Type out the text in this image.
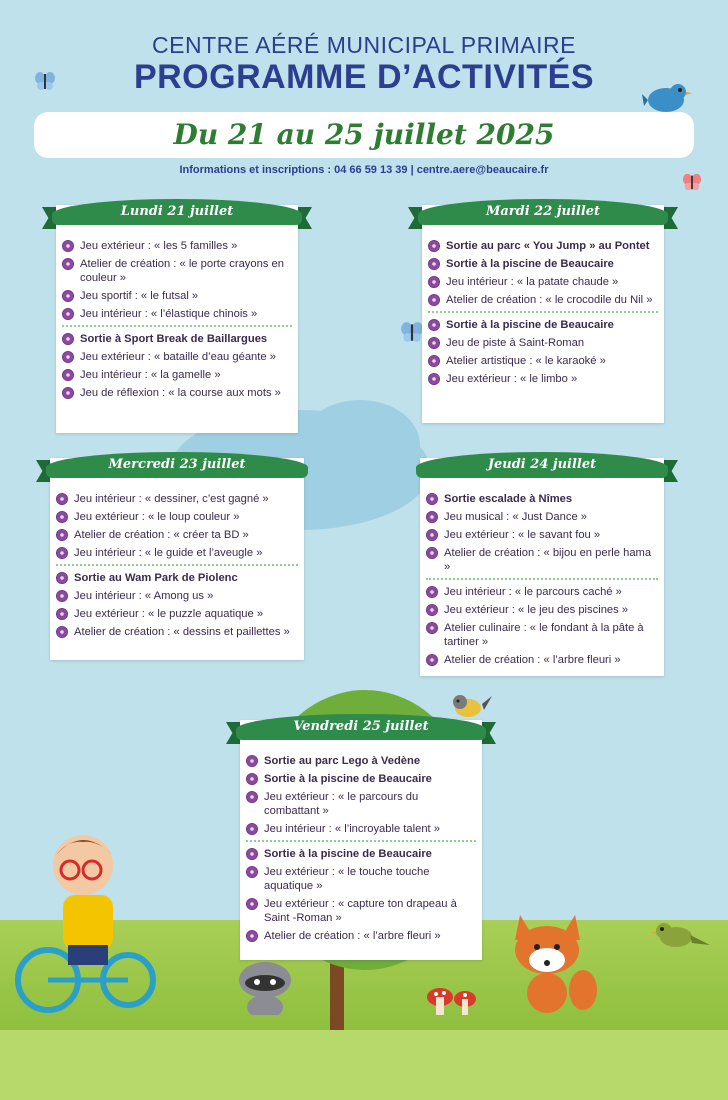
CENTRE AÉRÉ MUNICIPAL PRIMAIRE
PROGRAMME D’ACTIVITÉS
Du 21 au 25 juillet 2025
Informations et inscriptions : 04 66 59 13 39 | centre.aere@beaucaire.fr
Lundi 21 juillet
Jeu extérieur : « les 5 familles »
Atelier de création : « le porte crayons en couleur »
Jeu sportif : « le futsal »
Jeu intérieur : « l’élastique chinois »
Sortie à Sport Break de Baillargues
Jeu extérieur : « bataille d’eau géante »
Jeu intérieur : « la gamelle »
Jeu de réflexion : « la course aux mots »
Mardi 22 juillet
Sortie au parc « You Jump » au Pontet
Sortie à la piscine de Beaucaire
Jeu intérieur : « la patate chaude »
Atelier de création : « le crocodile du Nil »
Sortie à la piscine de Beaucaire
Jeu de piste à Saint-Roman
Atelier artistique : « le karaoké »
Jeu extérieur : « le limbo »
Mercredi 23 juillet
Jeu intérieur : « dessiner, c’est gagné »
Jeu extérieur : « le loup couleur »
Atelier de création : « créer ta BD »
Jeu intérieur : « le guide et l’aveugle »
Sortie au Wam Park de Piolenc
Jeu intérieur : « Among us »
Jeu extérieur : « le puzzle aquatique »
Atelier de création : « dessins et paillettes »
Jeudi 24 juillet
Sortie escalade à Nîmes
Jeu musical : « Just Dance »
Jeu extérieur : « le savant fou »
Atelier de création : « bijou en perle hama »
Jeu intérieur : « le parcours caché »
Jeu extérieur : « le jeu des piscines »
Atelier culinaire : « le fondant à la pâte à tartiner »
Atelier de création : « l’arbre fleuri »
Vendredi 25 juillet
Sortie au parc Lego à Vedène
Sortie à la piscine de Beaucaire
Jeu extérieur : « le parcours du combattant »
Jeu intérieur : « l’incroyable talent »
Sortie à la piscine de Beaucaire
Jeu extérieur : « le touche touche aquatique »
Jeu extérieur : « capture ton drapeau à Saint -Roman »
Atelier de création : « l’arbre fleuri »
